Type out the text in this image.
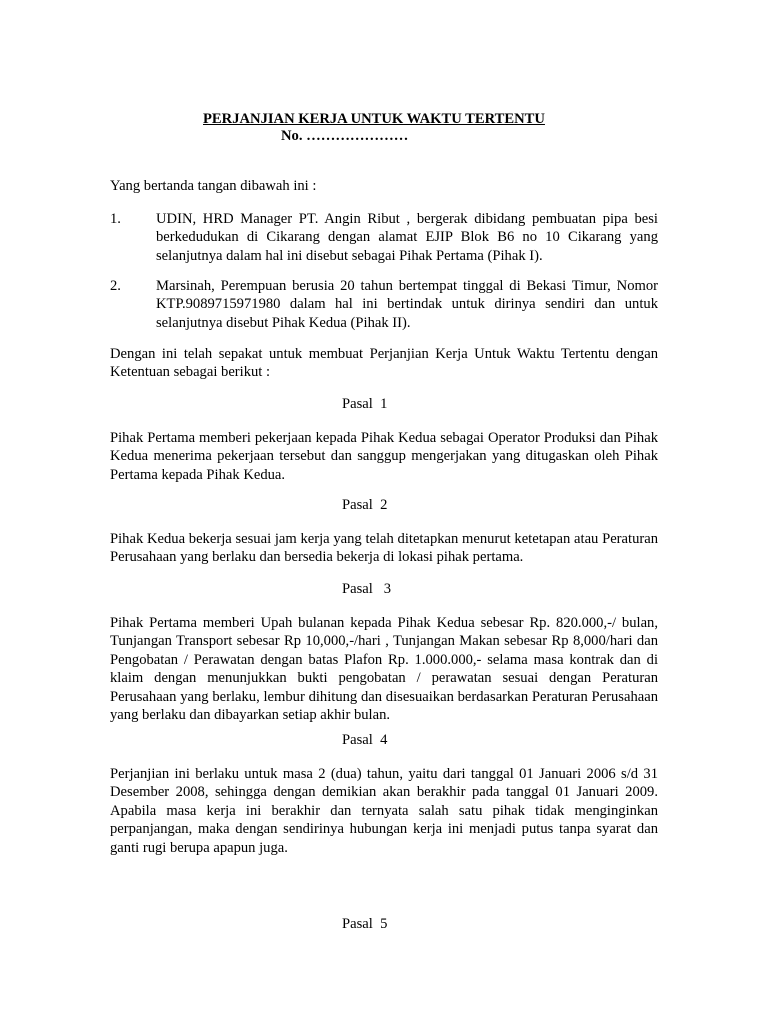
PERJANJIAN KERJA UNTUK WAKTU TERTENTU
No. …………………
Yang bertanda tangan dibawah ini :
1. UDIN, HRD Manager PT. Angin Ribut , bergerak dibidang pembuatan pipa besi berkedudukan di Cikarang dengan alamat EJIP Blok B6 no 10 Cikarang yang selanjutnya dalam hal ini disebut sebagai Pihak Pertama (Pihak I).
2. Marsinah, Perempuan berusia 20 tahun bertempat tinggal di Bekasi Timur, Nomor KTP.9089715971980 dalam hal ini bertindak untuk dirinya sendiri dan untuk selanjutnya disebut Pihak Kedua (Pihak II).
Dengan ini telah sepakat untuk membuat Perjanjian Kerja Untuk Waktu Tertentu dengan Ketentuan sebagai berikut :
Pasal  1
Pihak Pertama memberi pekerjaan kepada Pihak Kedua sebagai Operator Produksi dan Pihak Kedua menerima pekerjaan tersebut dan sanggup mengerjakan yang ditugaskan oleh Pihak Pertama kepada Pihak Kedua.
Pasal  2
Pihak Kedua bekerja sesuai jam kerja yang telah ditetapkan menurut ketetapan atau Peraturan Perusahaan yang berlaku dan bersedia bekerja di lokasi pihak pertama.
Pasal   3
Pihak Pertama memberi Upah bulanan kepada Pihak Kedua sebesar Rp. 820.000,-/ bulan, Tunjangan Transport sebesar Rp 10,000,-/hari , Tunjangan Makan sebesar Rp 8,000/hari dan Pengobatan / Perawatan dengan batas Plafon Rp. 1.000.000,- selama masa kontrak dan di klaim dengan menunjukkan bukti pengobatan / perawatan sesuai dengan Peraturan Perusahaan yang berlaku, lembur dihitung dan disesuaikan berdasarkan Peraturan Perusahaan yang berlaku dan dibayarkan setiap akhir bulan.
Pasal  4
Perjanjian ini berlaku untuk masa 2 (dua) tahun, yaitu dari tanggal 01 Januari 2006 s/d 31 Desember 2008, sehingga dengan demikian akan berakhir pada tanggal 01 Januari 2009. Apabila masa kerja ini berakhir dan ternyata salah satu pihak tidak menginginkan perpanjangan, maka dengan sendirinya hubungan kerja ini menjadi putus tanpa syarat dan ganti rugi berupa apapun juga.
Pasal  5
